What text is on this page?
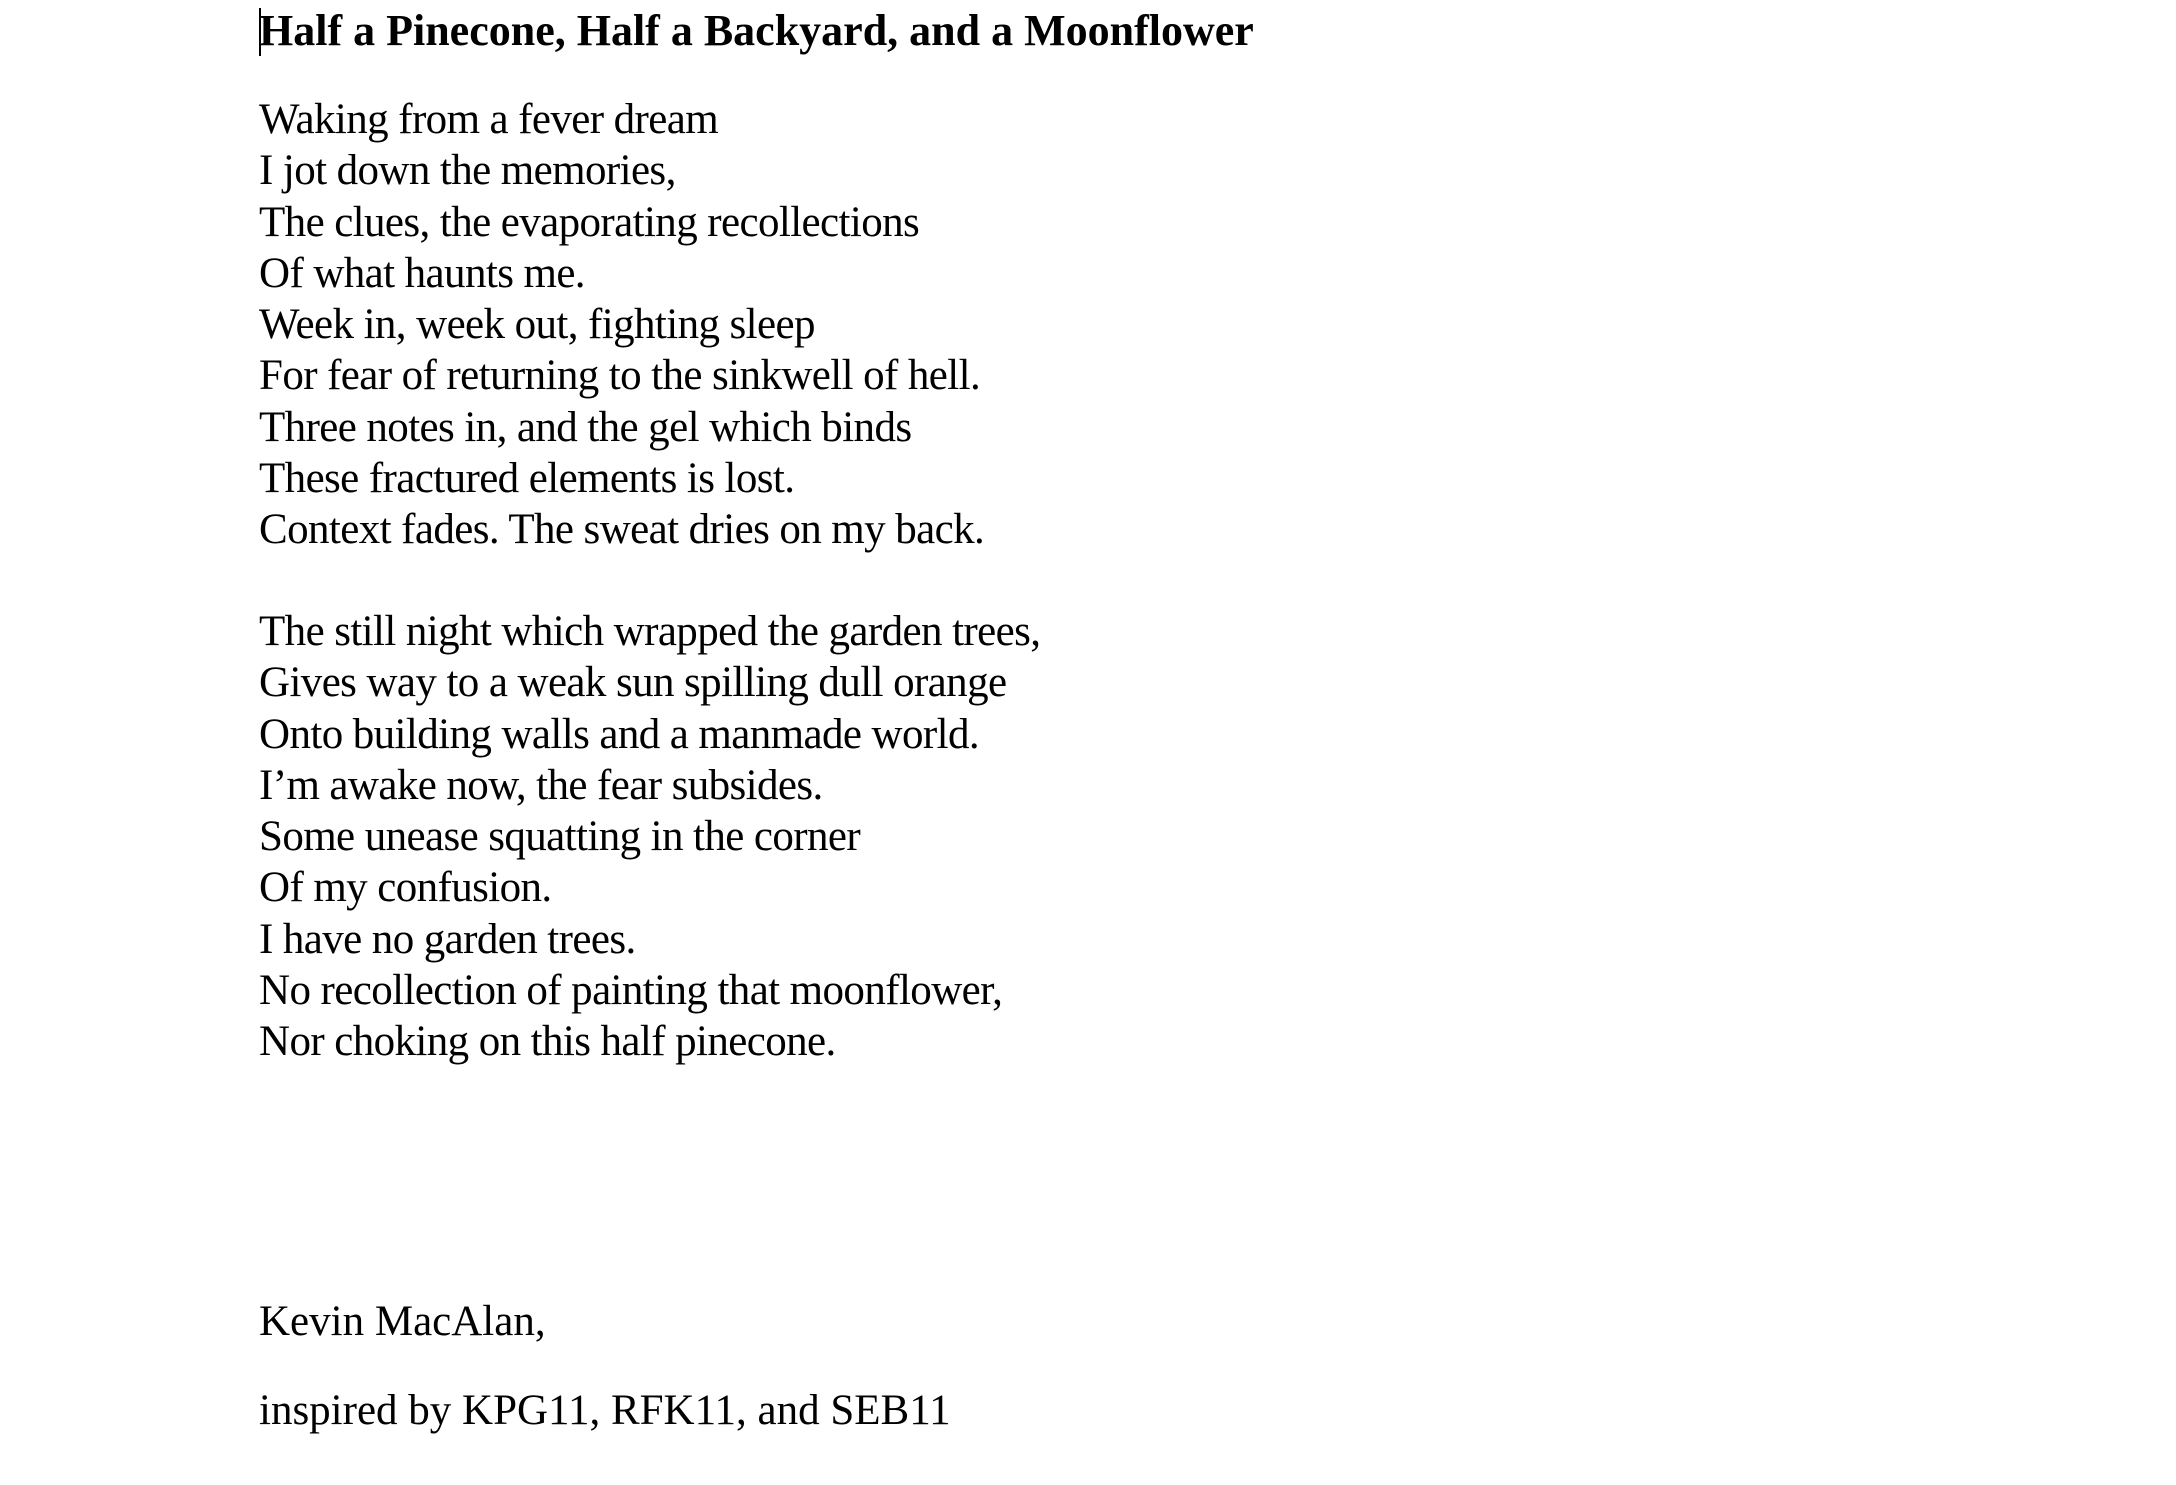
Half a Pinecone, Half a Backyard, and a Moonflower
Waking from a fever dream
I jot down the memories,
The clues, the evaporating recollections
Of what haunts me.
Week in, week out, fighting sleep
For fear of returning to the sinkwell of hell.
Three notes in, and the gel which binds
These fractured elements is lost.
Context fades. The sweat dries on my back.
The still night which wrapped the garden trees,
Gives way to a weak sun spilling dull orange
Onto building walls and a manmade world.
I’m awake now, the fear subsides.
Some unease squatting in the corner
Of my confusion.
I have no garden trees.
No recollection of painting that moonflower,
Nor choking on this half pinecone.
Kevin MacAlan,
inspired by KPG11, RFK11, and SEB11
